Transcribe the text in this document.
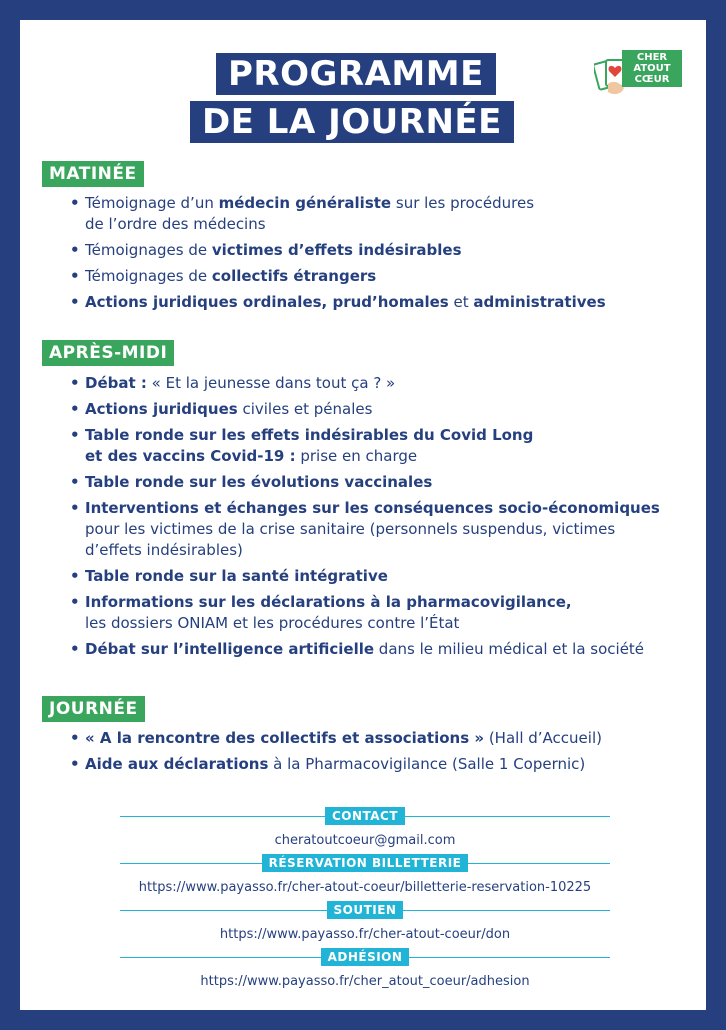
PROGRAMME
DE LA JOURNÉE
CHER
ATOUT
CŒUR
MATINÉE
• Témoignage d’un médecin généraliste sur les procédures
de l’ordre des médecins
• Témoignages de victimes d’effets indésirables
• Témoignages de collectifs étrangers
• Actions juridiques ordinales, prud’homales et administratives
APRÈS-MIDI
• Débat : « Et la jeunesse dans tout ça ? »
• Actions juridiques civiles et pénales
• Table ronde sur les effets indésirables du Covid Long
et des vaccins Covid-19 : prise en charge
• Table ronde sur les évolutions vaccinales
• Interventions et échanges sur les conséquences socio-économiques
pour les victimes de la crise sanitaire (personnels suspendus, victimes
d’effets indésirables)
• Table ronde sur la santé intégrative
• Informations sur les déclarations à la pharmacovigilance,
les dossiers ONIAM et les procédures contre l’État
• Débat sur l’intelligence artificielle dans le milieu médical et la société
JOURNÉE
• « A la rencontre des collectifs et associations » (Hall d’Accueil)
• Aide aux déclarations à la Pharmacovigilance (Salle 1 Copernic)
CONTACT
cheratoutcoeur@gmail.com
RÉSERVATION BILLETTERIE
https://www.payasso.fr/cher-atout-coeur/billetterie-reservation-10225
SOUTIEN
https://www.payasso.fr/cher-atout-coeur/don
ADHÉSION
https://www.payasso.fr/cher_atout_coeur/adhesion
